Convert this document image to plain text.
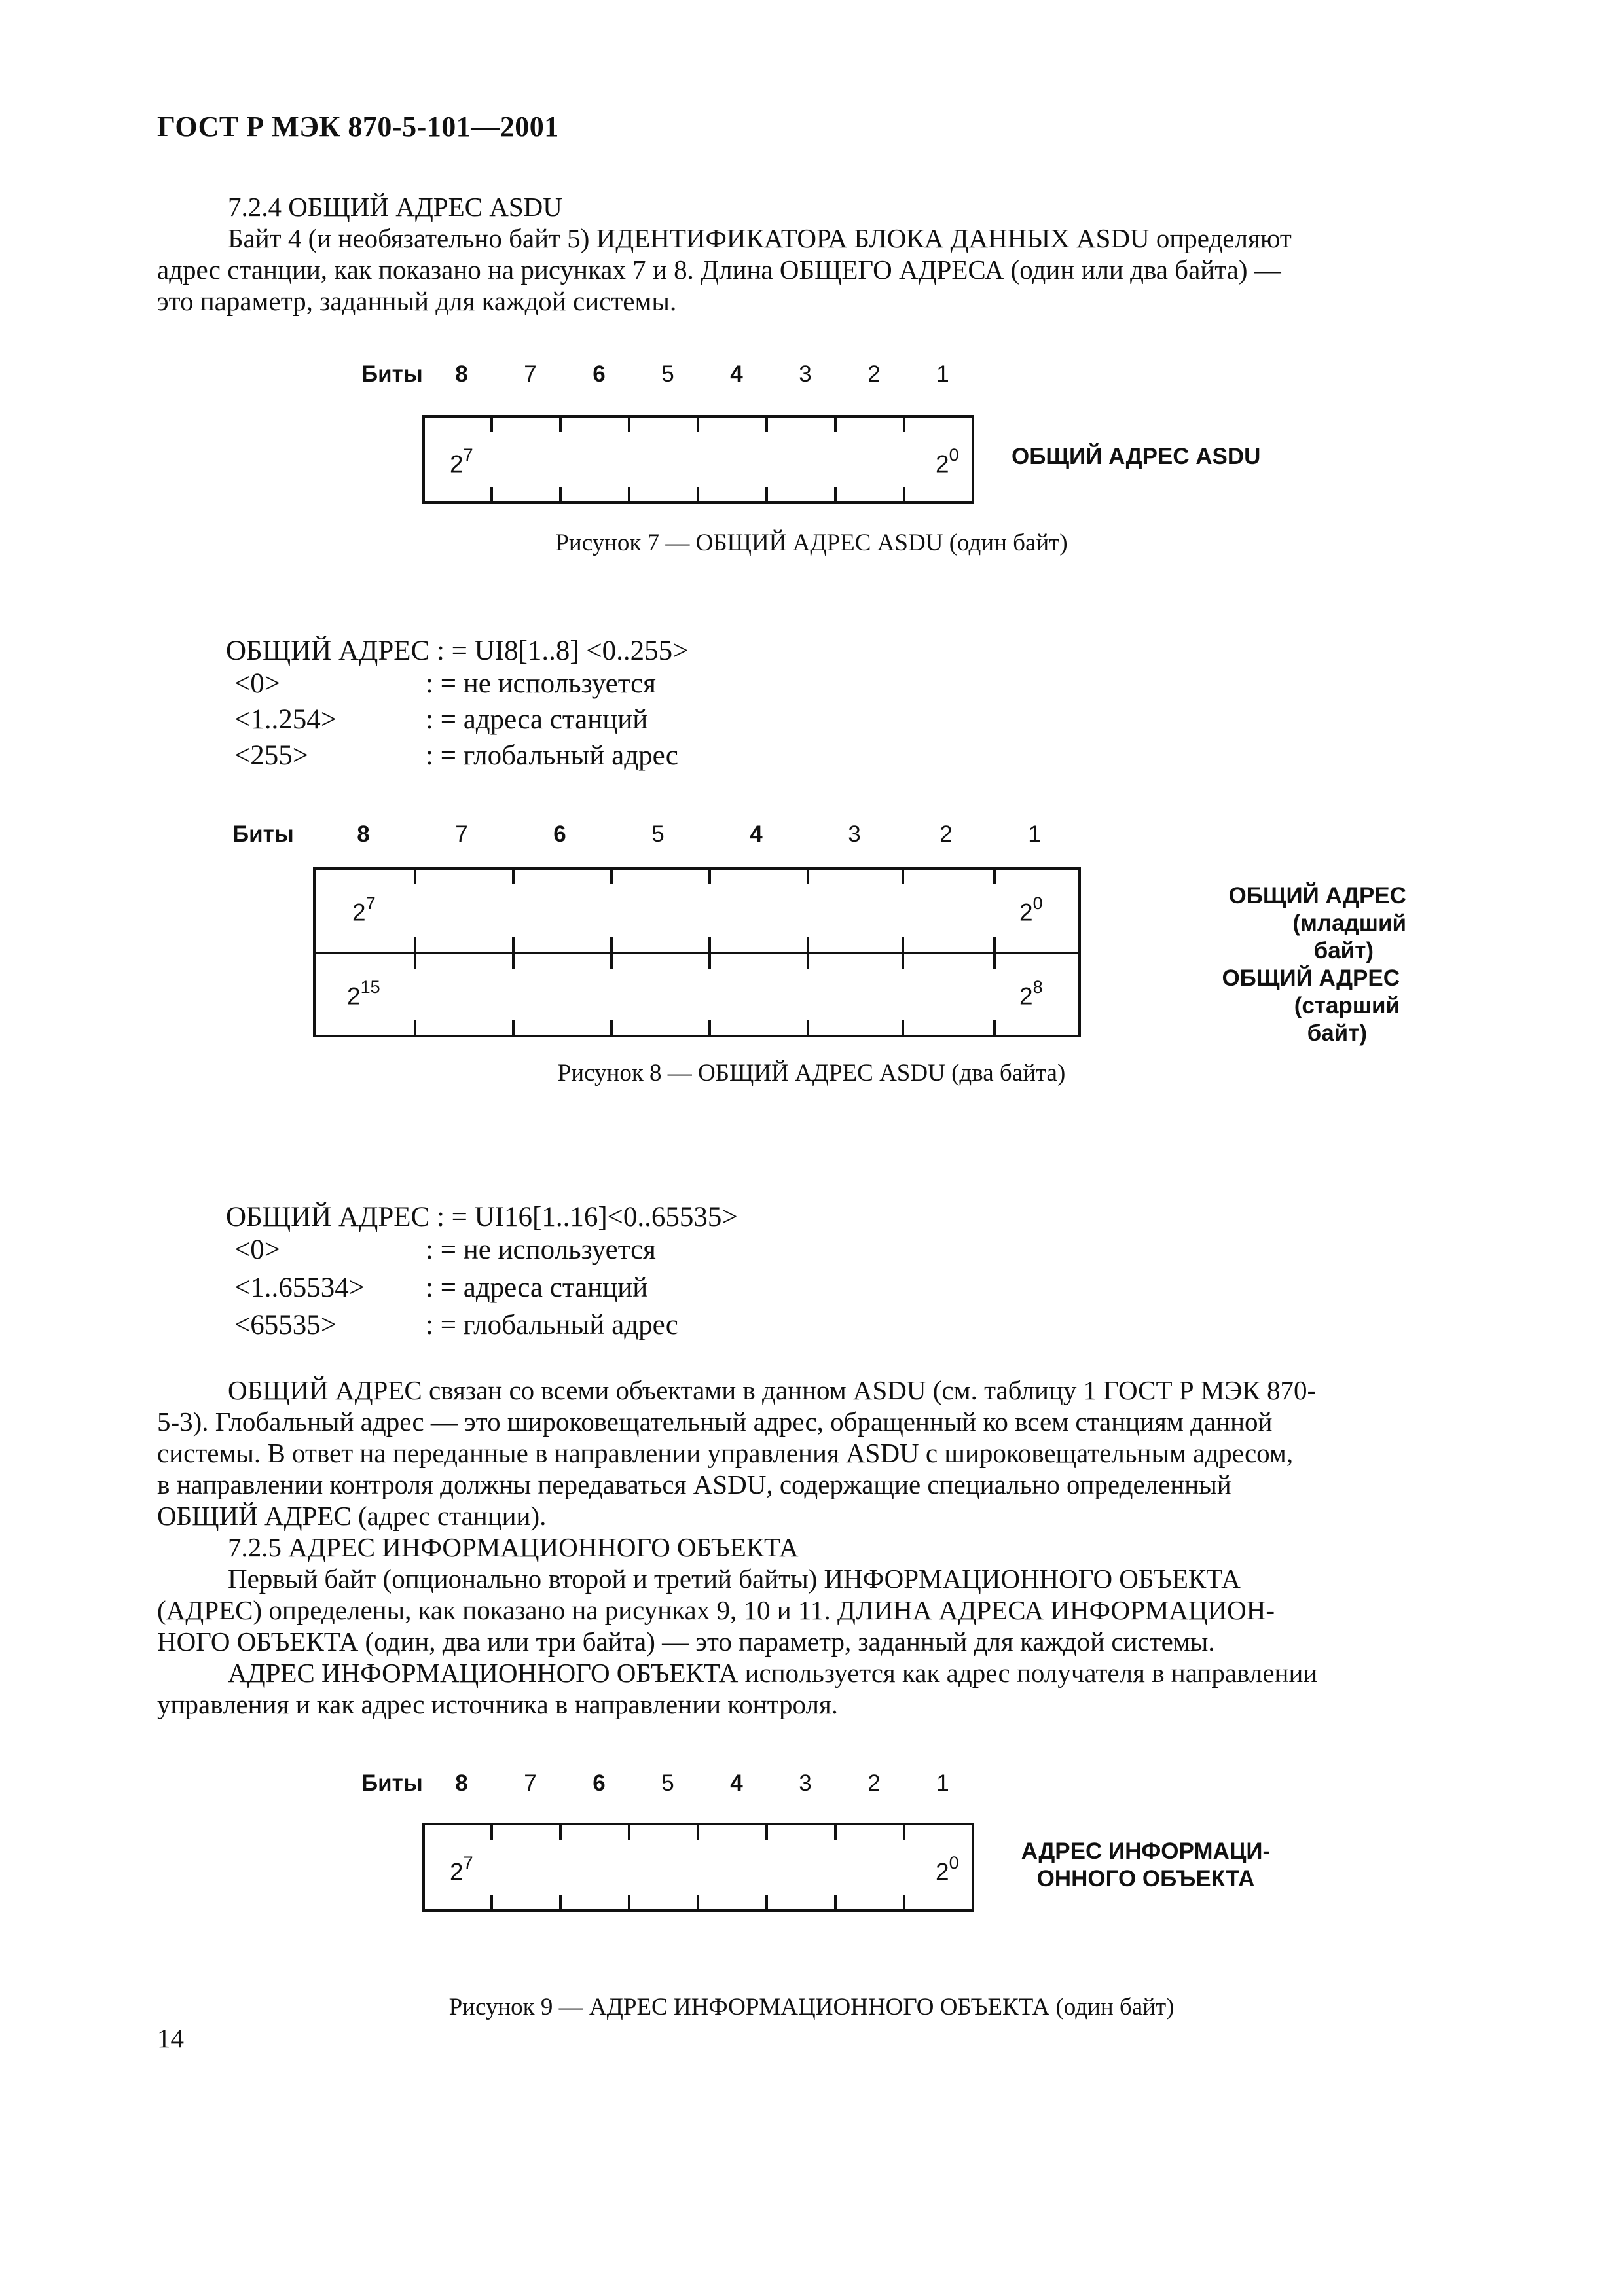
ГОСТ Р МЭК 870-5-101—2001
7.2.4 ОБЩИЙ АДРЕС ASDU
Байт 4 (и необязательно байт 5) ИДЕНТИФИКАТОРА БЛОКА ДАННЫХ ASDU определяют
адрес станции, как показано на рисунках 7 и 8. Длина ОБЩЕГО АДРЕСА (один или два байта) —
это параметр, заданный для каждой системы.
Биты	8	7	6	5	4	3	2	1
$2^7$	$2^0$ ОБЩИЙ АДРЕС ASDU
Рисунок 7 — ОБЩИЙ АДРЕС ASDU (один байт)
ОБЩИЙ АДРЕС : = UI8[1..8] <0..255>
<0>	: = не используется
<1..254>	: = адреса станций
<255>	: = глобальный адрес
Биты	8	7	6	5	4	3	2	1
$2^7$	$2^0$
$2^{15}$	$2^8$
ОБЩИЙ АДРЕС (младший
байт)
ОБЩИЙ АДРЕС (старший
байт)
Рисунок 8 — ОБЩИЙ АДРЕС ASDU (два байта)
ОБЩИЙ АДРЕС : = UI16[1..16]<0..65535>
<0>	: = не используется
<1..65534> : = адреса станций
<65535>	: = глобальный адрес
ОБЩИЙ АДРЕС связан со всеми объектами в данном ASDU (см. таблицу 1 ГОСТ Р МЭК 870-
5-3). Глобальный адрес — это широковещательный адрес, обращенный ко всем станциям данной
системы. В ответ на переданные в направлении управления ASDU с широковещательным адресом,
в направлении контроля должны передаваться ASDU, содержащие специально определенный
ОБЩИЙ АДРЕС (адрес станции).
7.2.5 АДРЕС ИНФОРМАЦИОННОГО ОБЪЕКТА
Первый байт (опционально второй и третий байты) ИНФОРМАЦИОННОГО ОБЪЕКТА
(АДРЕС) определены, как показано на рисунках 9, 10 и 11. ДЛИНА АДРЕСА ИНФОРМАЦИОН-
НОГО ОБЪЕКТА (один, два или три байта) — это параметр, заданный для каждой системы.
АДРЕС ИНФОРМАЦИОННОГО ОБЪЕКТА используется как адрес получателя в направлении
управления и как адрес источника в направлении контроля.
Биты	8	7	6	5	4	3	2	1
$2^7$	$2^0$	АДРЕС ИНФОРМАЦИ-
ОННОГО ОБЪЕКТА
Рисунок 9 — АДРЕС ИНФОРМАЦИОННОГО ОБЪЕКТА (один байт)
14
